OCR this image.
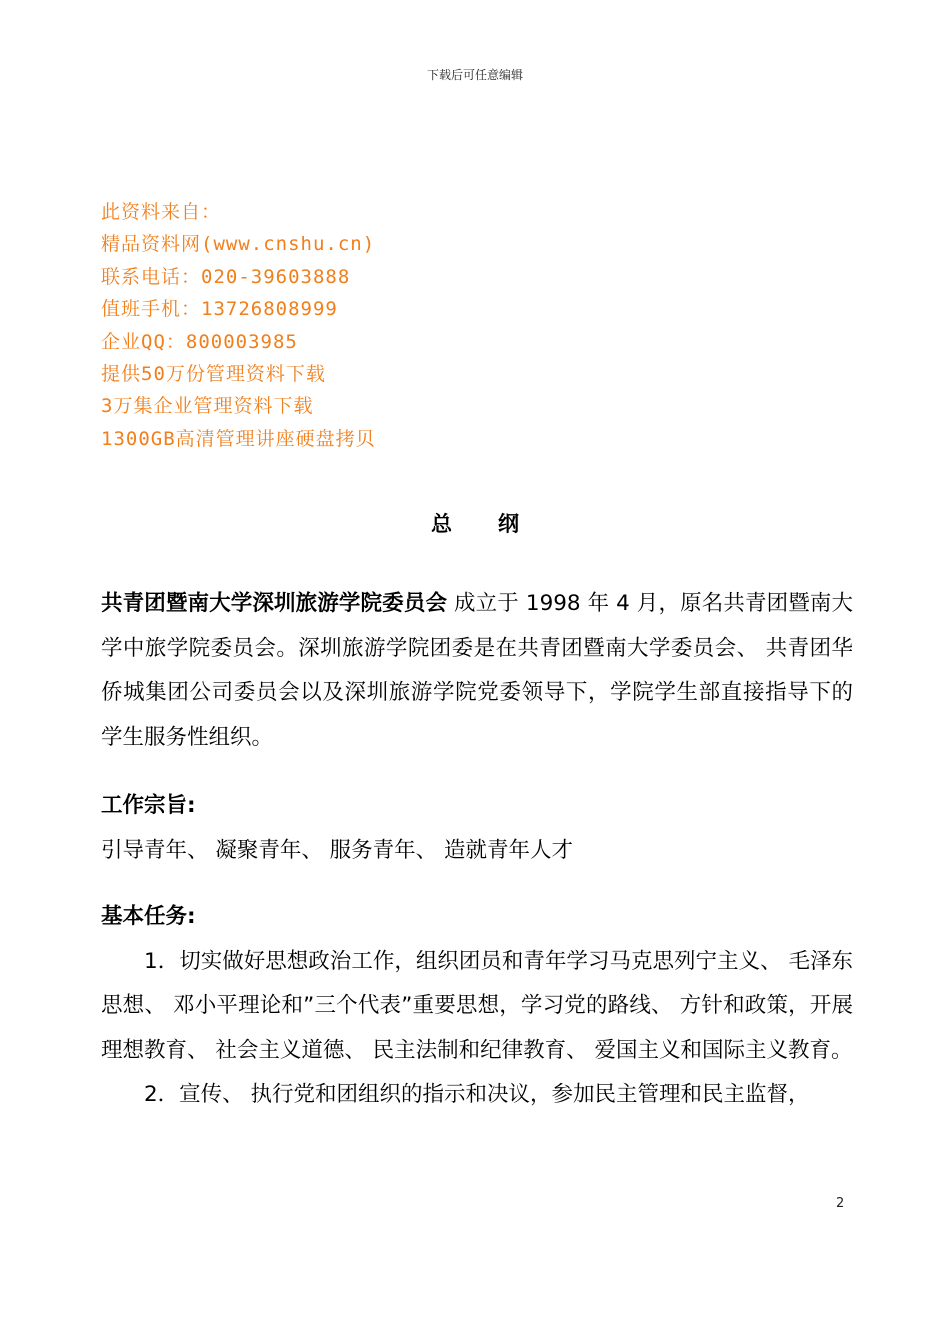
下载后可任意编辑
此资料来自：
精品资料网(www.cnshu.cn)
联系电话：020-39603888
值班手机：13726808999
企业QQ：800003985
提供50万份管理资料下载
3万集企业管理资料下载
1300GB高清管理讲座硬盘拷贝
总 纲

共青团暨南大学深圳旅游学院委员会 成立于 1998 年 4 月，原名共青团暨南大学中旅学院委员会。深圳旅游学院团委是在共青团暨南大学委员会、 共青团华侨城集团公司委员会以及深圳旅游学院党委领导下，学院学生部直接指导下的学生服务性组织。

工作宗旨:

引导青年、 凝聚青年、 服务青年、 造就青年人才

基本任务:

1．切实做好思想政治工作，组织团员和青年学习马克思列宁主义、 毛泽东思想、 邓小平理论和”三个代表”重要思想，学习党的路线、 方针和政策，开展理想教育、 社会主义道德、 民主法制和纪律教育、 爱国主义和国际主义教育。

2．宣传、 执行党和团组织的指示和决议，参加民主管理和民主监督，

2
